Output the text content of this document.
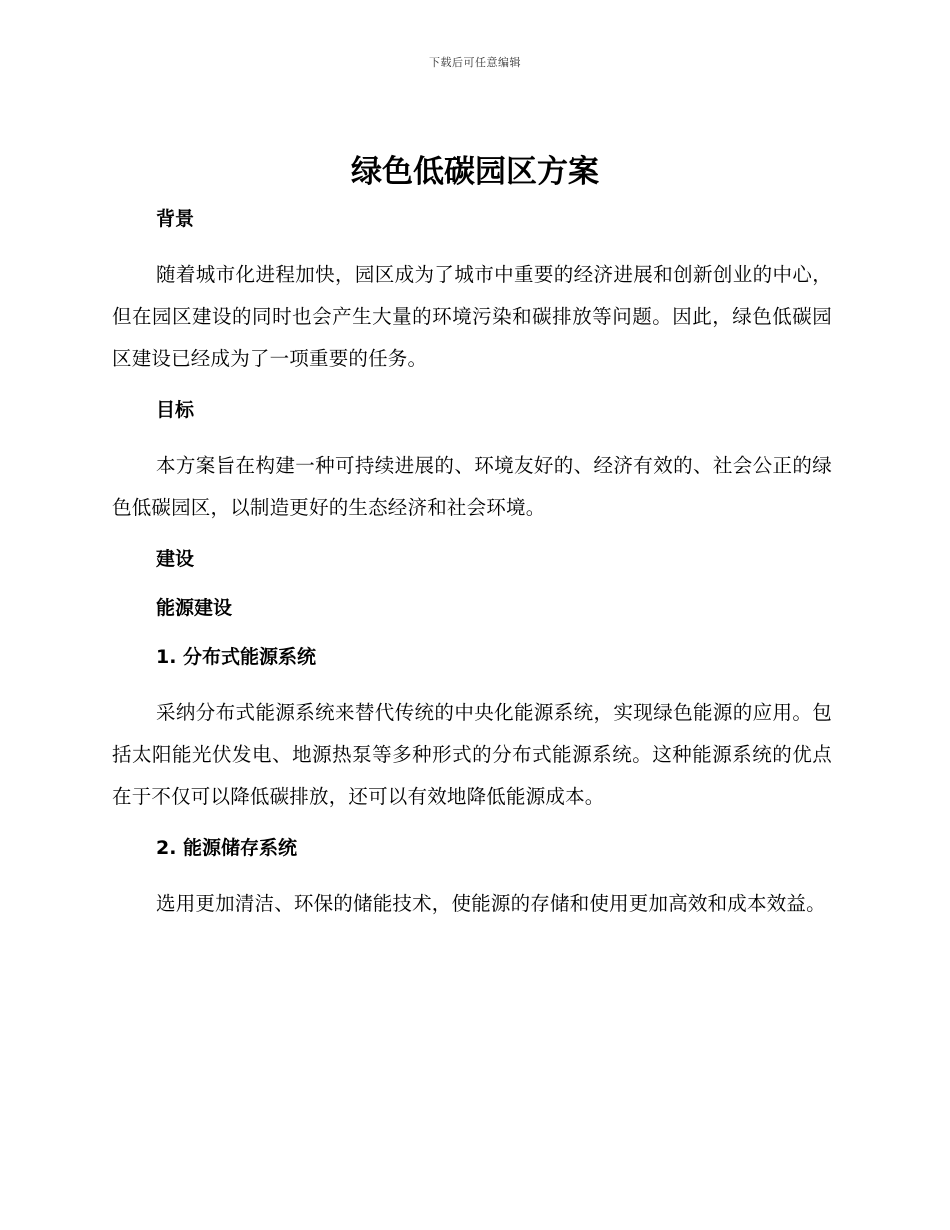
下载后可任意编辑
绿色低碳园区方案
背景

随着城市化进程加快，园区成为了城市中重要的经济进展和创新创业的中心，但在园区建设的同时也会产生大量的环境污染和碳排放等问题。因此，绿色低碳园区建设已经成为了一项重要的任务。

目标

本方案旨在构建一种可持续进展的、环境友好的、经济有效的、社会公正的绿色低碳园区，以制造更好的生态经济和社会环境。

建设
能源建设
1. 分布式能源系统

采纳分布式能源系统来替代传统的中央化能源系统，实现绿色能源的应用。包括太阳能光伏发电、地源热泵等多种形式的分布式能源系统。这种能源系统的优点在于不仅可以降低碳排放，还可以有效地降低能源成本。

2. 能源储存系统

选用更加清洁、环保的储能技术，使能源的存储和使用更加高效和成本效益。
